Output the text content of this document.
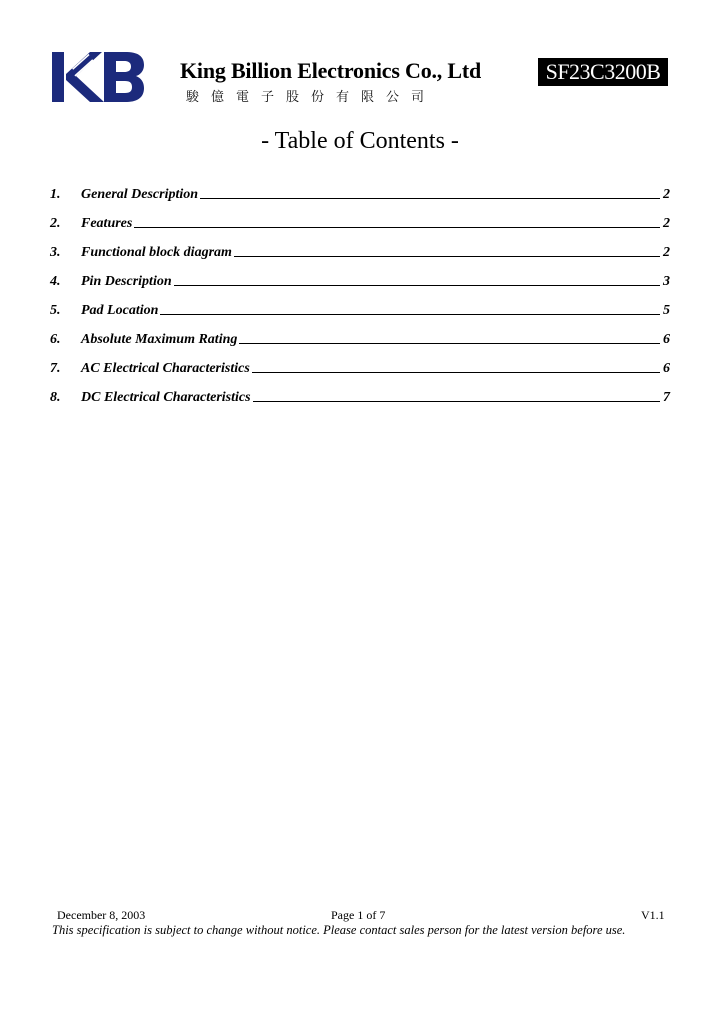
King Billion Electronics Co., Ltd
駿億電子股份有限公司
SF23C3200B
- Table of Contents -
1.	General Description	2
2.	Features	2
3.	Functional block diagram	2
4.	Pin Description	3
5.	Pad Location	5
6.	Absolute Maximum Rating	6
7.	AC Electrical Characteristics	6
8.	DC Electrical Characteristics	7
December 8, 2003	Page 1 of 7	V1.1
This specification is subject to change without notice. Please contact sales person for the latest version before use.
